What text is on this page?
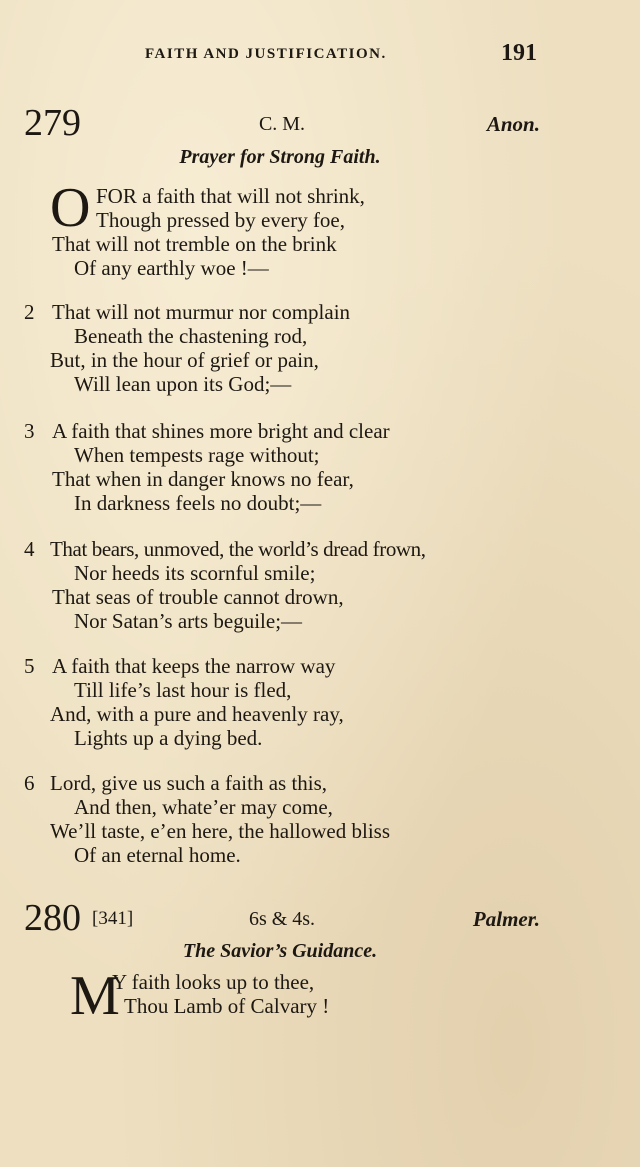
FAITH AND JUSTIFICATION.	191
279	C. M.	Anon.
Prayer for Strong Faith.
O FOR a faith that will not shrink,
Though pressed by every foe,
That will not tremble on the brink
Of any earthly woe !—
2 That will not murmur nor complain
Beneath the chastening rod,
But, in the hour of grief or pain,
Will lean upon its God;—
3 A faith that shines more bright and clear
When tempests rage without;
That when in danger knows no fear,
In darkness feels no doubt;—
4 That bears, unmoved, the world’s dread frown,
Nor heeds its scornful smile;
That seas of trouble cannot drown,
Nor Satan’s arts beguile;—
5 A faith that keeps the narrow way
Till life’s last hour is fled,
And, with a pure and heavenly ray,
Lights up a dying bed.
6 Lord, give us such a faith as this,
And then, whate’er may come,
We’ll taste, e’en here, the hallowed bliss
Of an eternal home.
280 [341]	6s & 4s.	Palmer.
The Savior’s Guidance.
M
Y faith looks up to thee,
Thou Lamb of Calvary !
